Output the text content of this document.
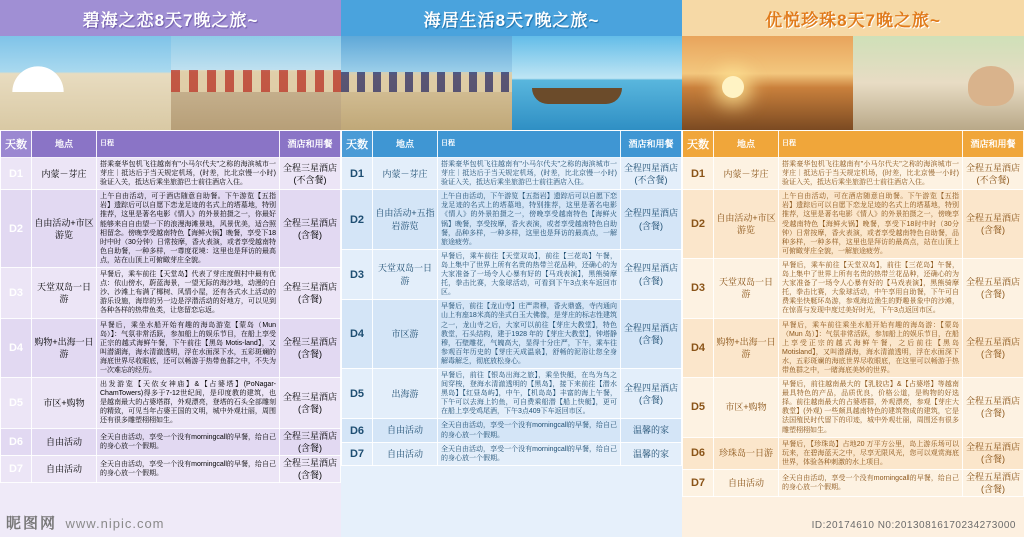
碧海之恋8天7晚之旅~
天数	地点	日程	酒店和用餐
D1	内蒙－芽庄	搭乘豪华包机飞往越南有"小马尔代夫"之称的海滨城市一芽庄｜抵达后于当天规定机场，(时差，比北京慢一小时) 验证入关，抵达后乘坐旅游巴士前往酒店入住。	全程三星酒店 (不含餐)
D2	自由活动+市区游览	上午自由活动，可于酒店随意自助餐。下午游览【五指岩】遗踪后可以自愿下恋龙足迹的名式上的塔墓地，特别推荐，这里是著名电影《情人》的外景拍摄之一，你最好能够来自自由望一下的浪漫海滩景地，风景优美，适合照相留念。傍晚享受越南特色【海鲜火锅】晚餐，享受下18时中时（30分钟）日常按摩，香火表演，或者享受越南特色自助餐，一种多样，一尊度花境：这里也是拜访的最高点，站在山顶上可俯瞰芽庄全貌。	全程三星酒店 (含餐)
D3	天堂双岛一日游	早餐后，乘车前往【天堂岛】代表了芽庄度假村中最有优点：依山傍水，蔚蓝海景，一望无际的海沙地，动漫的白沙、沙滩上布满了椰树、风情小屋，还有各式水上活动的游乐设施，海岸的另一边是浮潜活动的好地方，可以见到各种各样的热带鱼类，让您留恋忘返。	全程三星酒店 (含餐)
D4	购物+出海一日游	早餐后，乘坐水船开始有趣的海岛游览【蒙岛（Mun 岛）】：气氛非常活跃，参加船上的娱乐节目，在船上享受正宗的越式海鲜午餐，下午前往【黑岛 Motis-land】，又叫潜湖海，海水清澈透明，浮在水面深下水，五彩斑斓的海底世界尽收眼底，还可以畅游于热带鱼群之中，不失为一次难忘的经历。	全程三星酒店 (含餐)
D5	市区+购物	出发游览【天依女神庙】&【占婆塔】(PoNagar-ChamTowers)得多于7-12世纪间，是印度教的建筑，也是越南最大的占婆塔群，外观漂亮，登塔的石头全部雕刻的精致，可见当年占婆王国的文明，城中外观壮丽，周围还有很多雕塑栩栩如生。	全程三星酒店 (含餐)
D6	自由活动	全天自由活动，享受一个没有morningcall的早餐，给自己的身心放一个假期。	全程三星酒店 (含餐)
D7	自由活动	全天自由活动，享受一个没有morningcall的早餐，给自己的身心放一个假期。	全程三星酒店 (含餐)
海居生活8天7晚之旅~
天数	地点	日程	酒店和用餐
D1	内蒙－芽庄	搭乘豪华包机飞往越南有"小马尔代夫"之称的海滨城市一芽庄｜抵达后于当天规定机场，(时差，比北京慢一小时) 验证入关，抵达后乘坐旅游巴士前往酒店入住。	全程四星酒店 (不含餐)
D2	自由活动+五指岩游览	上午自由活动，下午游览【五指岩】遗踪后可以自愿下恋龙足迹的名式上的塔墓地，特别推荐，这里是著名电影《情人》的外景拍摄之一，傍晚享受越南特色【海鲜火锅】晚餐，享受按摩，香火表演，或者享受越南特色自助餐，品种多样，一种多样，这里也是拜访的最高点，一解旅途疲劳。	全程四星酒店 (含餐)
D3	天堂双岛一日游	早餐后，乘车前往【天堂双岛】，前往【三花岛】午餐，岛上集中了世界上所有名贵的热带兰花品种，还确心的为大家准备了一场令人心暴有好的【马戏表演】，黑熊骑摩托，拳击比赛，大象球活动，可看到下午3点来车返回市区。	全程四星酒店 (含餐)
D4	市区游	早餐后，前往【龙山寺】庄严肃穆，香火鼎盛，寺内通向山上有座18米高的坐式白玉大佛像，是芽庄的标志性建筑之一，龙山寺之后，大家可以前往【芽庄大教堂】，特色教堂，石头结构，建于1928 年的【芽庄大教堂】，钟塔静穆，石壁雕花，气魄高大，显得十分庄严，下午，乘车往参观百年历史的【芽庄天成温泉】，舒畅的泥浴让您全身解毒解乏，彻底放松身心。	全程四星酒店 (含餐)
D5	出海游	早餐后，前往【银岛出海之旅】，乘坐快艇，在鸟为鸟之间穿梭，登海水清澈透明的【黑岛】，接下来前往【潜水黑岛】【红昼岛屿】，中午，【机岛岛】丰富的海上午餐，下午可以去海上钓鱼，可自费乘船潜【船上快艇】，更可在船上享受鸡尾酒，下午3点409下车返回市区。	全程四星酒店 (含餐)
D6	自由活动	全天自由活动，享受一个没有morningcall的早餐，给自己的身心放一个假期。	温馨的家
D7	自由活动	全天自由活动，享受一个没有morningcall的早餐，给自己的身心放一个假期。	温馨的家
优悦珍珠8天7晚之旅~
天数	地点	日程	酒店和用餐
D1	内蒙－芽庄	搭乘豪华包机飞往越南有"小马尔代夫"之称的海滨城市一芽庄｜抵达后于当天规定机场，(时差，比北京慢一小时) 验证入关，抵达后乘坐旅游巴士前往酒店入住。	全程五星酒店 (不含餐)
D2	自由活动+市区游览	上午自由活动，可在酒店随意自助餐。下午游览【五指岩】遗踪后可以自愿下恋龙足迹的名式上的塔墓地，特别推荐，这里是著名电影《情人》的外景拍摄之一，傍晚享受越南特色【海鲜火锅】晚餐，享受下18时中时（30分钟）日常按摩，香火表演，或者享受越南特色自助餐，品种多样，一种多样，这里也是拜访的最高点，站在山顶上可俯瞰芽庄全貌，一解旅途疲劳。	全程五星酒店 (含餐)
D3	天堂双岛一日游	早餐后，乘车前往【天堂双岛】，前往【三花岛】午餐，岛上集中了世界上所有名贵的热带兰花品种，还确心的为大家准备了一场令人心暴有好的【马戏表演】，黑熊骑摩托，拳击比赛，大象球活动，中午享用自助餐，下午可自费乘坐快艇环岛游，参观海边渔生的野趣景象中的沙滩，在惊喜与发现中度过美好时光，下午3点返回市区。	全程五星酒店 (含餐)
D4	购物+出海一日游	早餐后，乘车前往乘坐水船开始有趣的海岛游：【蒙岛（Mun 岛）】：气氛非常活跃，参加船上的娱乐节目，在船上享受正宗的越式海鲜午餐，之后前往【黑岛 Motisland】，又叫潜湖海，海水清澈透明，浮在水面深下水，五彩斑斓的海底世界尽收眼底，在这里可以畅游于热带鱼群之中，一睹海底美妙的世界。	全程五星酒店 (含餐)
D5	市区+购物	早餐后，前往越南最大的【乳胶店】&【占婆塔】等越南最具特色的产品，品质优良，价格公道，是购物的好选择。前往越南最大的占婆塔群，外观漂亮，参观【芽庄大教堂】(外观) 一些颇具越南特色的建筑物成的建筑，它是法国殖民时代留下的印迹，城中外观壮丽，周围还有很多雕塑栩栩如生。	全程五星酒店 (含餐)
D6	珍珠岛一日游	早餐后，【珍珠岛】占地20 万平方公里，岛上游乐场可以玩来，在碧海蓝天之中，尽享无限风光，您可以观赏海底世界，体验各种刺激的水上项目。	全程五星酒店 (含餐)
D7	自由活动	全天自由活动，享受一个没有morningcall的早餐，给自己的身心放一个假期。	全程五星酒店 (含餐)
昵图网 www.nipic.com	ID:20174610 N0:20130816170234273000
